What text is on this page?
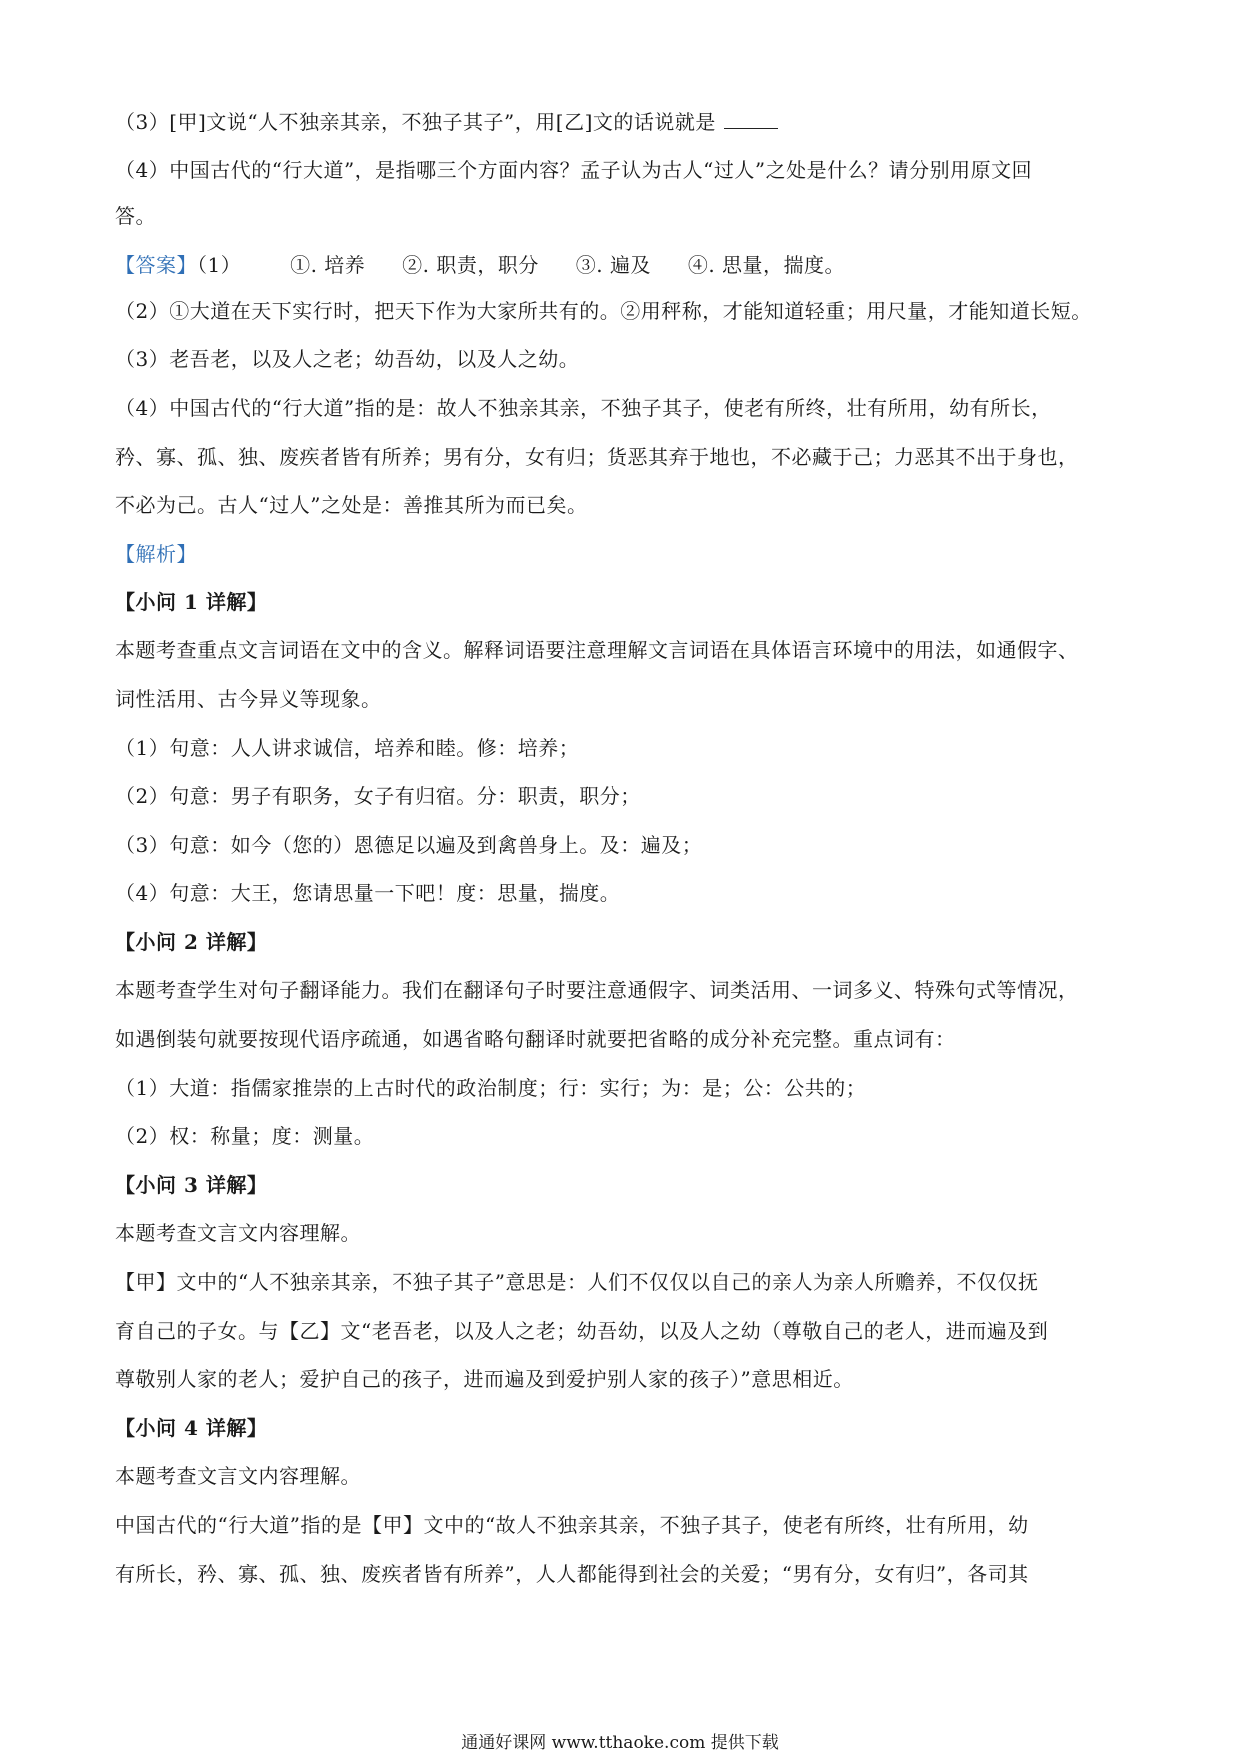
（3）[甲]文说“人不独亲其亲，不独子其子”，用[乙]文的话说就是
（4）中国古代的“行大道”，是指哪三个方面内容？孟子认为古人“过人”之处是什么？请分别用原文回
答。
【答案】（1） ①. 培养 ②. 职责，职分 ③. 遍及 ④. 思量，揣度。
（2）①大道在天下实行时，把天下作为大家所共有的。②用秤称，才能知道轻重；用尺量，才能知道长短。
（3）老吾老，以及人之老；幼吾幼，以及人之幼。
（4）中国古代的“行大道”指的是：故人不独亲其亲，不独子其子，使老有所终，壮有所用，幼有所长，
矜、寡、孤、独、废疾者皆有所养；男有分，女有归；货恶其弃于地也，不必藏于己；力恶其不出于身也，
不必为己。古人“过人”之处是：善推其所为而已矣。
【解析】
【小问 1 详解】
本题考查重点文言词语在文中的含义。解释词语要注意理解文言词语在具体语言环境中的用法，如通假字、
词性活用、古今异义等现象。
（1）句意：人人讲求诚信，培养和睦。修：培养；
（2）句意：男子有职务，女子有归宿。分：职责，职分；
（3）句意：如今（您的）恩德足以遍及到禽兽身上。及：遍及；
（4）句意：大王，您请思量一下吧！度：思量，揣度。
【小问 2 详解】
本题考查学生对句子翻译能力。我们在翻译句子时要注意通假字、词类活用、一词多义、特殊句式等情况，
如遇倒装句就要按现代语序疏通，如遇省略句翻译时就要把省略的成分补充完整。重点词有：
（1）大道：指儒家推崇的上古时代的政治制度；行：实行；为：是；公：公共的；
（2）权：称量；度：测量。
【小问 3 详解】
本题考查文言文内容理解。
【甲】文中的“人不独亲其亲，不独子其子”意思是：人们不仅仅以自己的亲人为亲人所赡养，不仅仅抚
育自己的子女。与【乙】文“老吾老，以及人之老；幼吾幼，以及人之幼（尊敬自己的老人，进而遍及到
尊敬别人家的老人；爱护自己的孩子，进而遍及到爱护别人家的孩子）”意思相近。
【小问 4 详解】
本题考查文言文内容理解。
中国古代的“行大道”指的是【甲】文中的“故人不独亲其亲，不独子其子，使老有所终，壮有所用，幼
有所长，矜、寡、孤、独、废疾者皆有所养”，人人都能得到社会的关爱；“男有分，女有归”，各司其
通通好课网 www.tthaoke.com 提供下载
